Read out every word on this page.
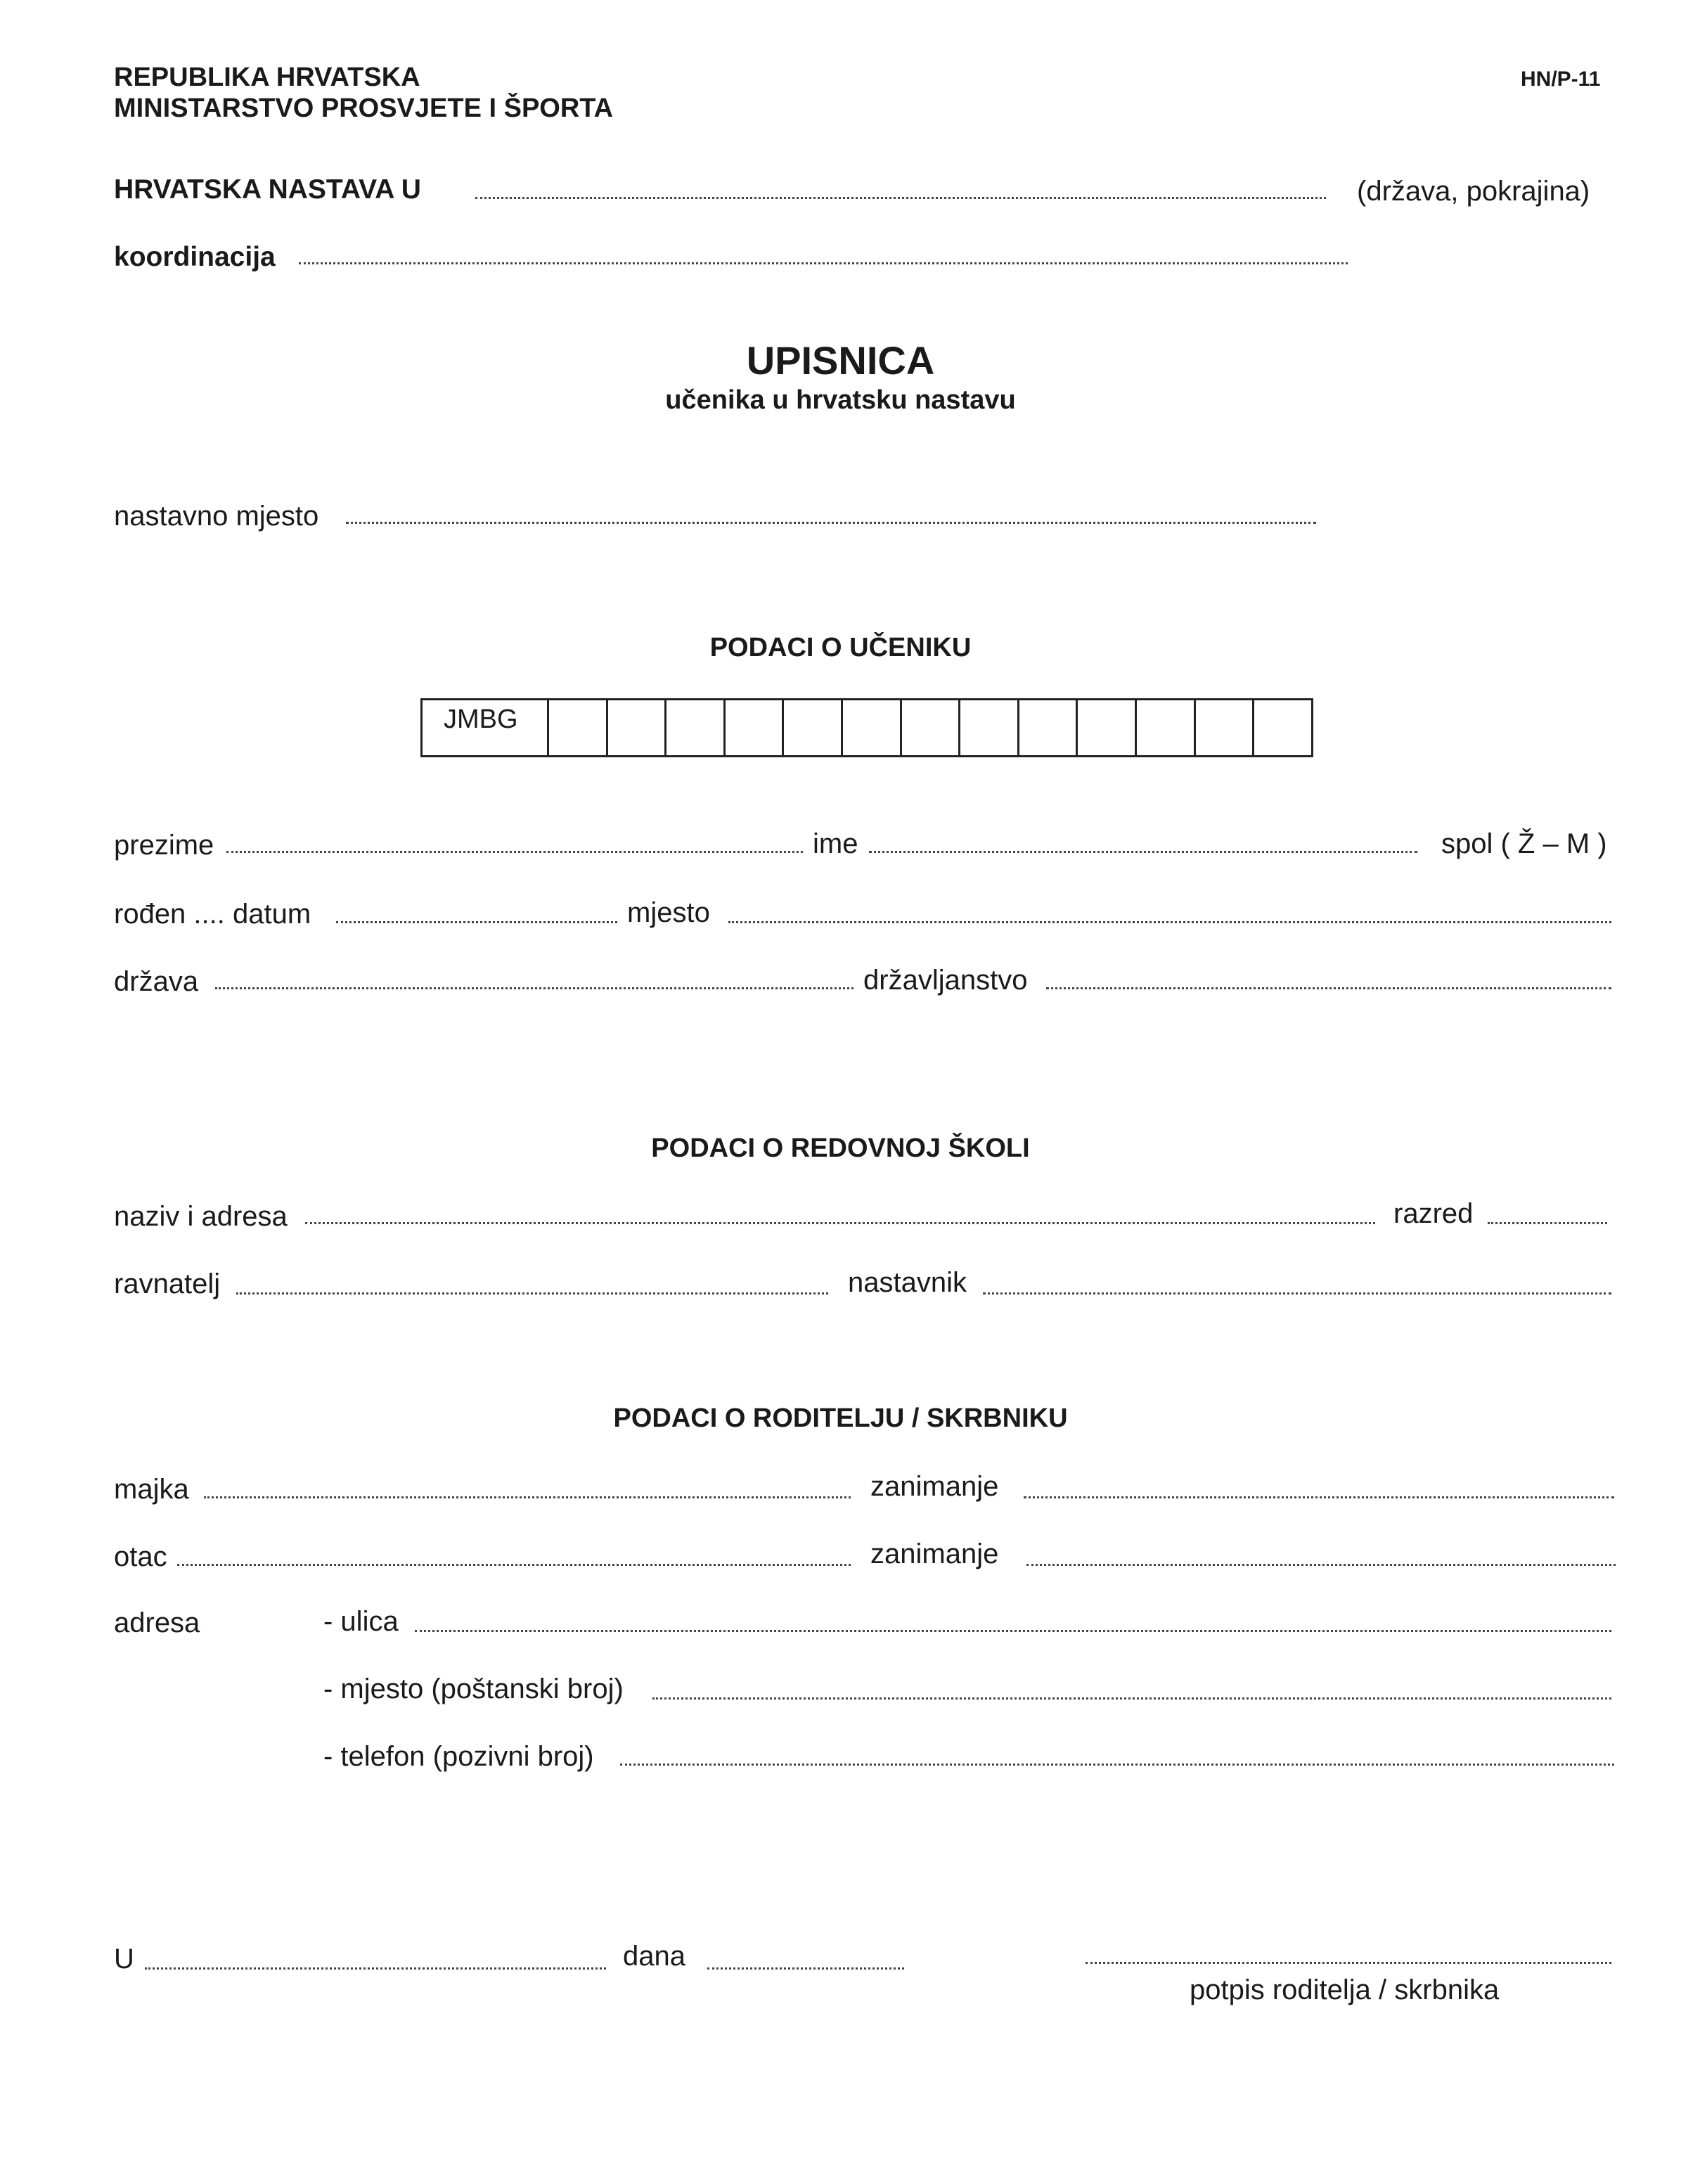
REPUBLIKA HRVATSKA
MINISTARSTVO PROSVJETE I ŠPORTA
HN/P-11
HRVATSKA NASTAVA U	(država, pokrajina)
koordinacija
UPISNICA
učenika u hrvatsku nastavu
nastavno mjesto
PODACI O UČENIKU
JMBG
prezime	ime	spol ( Ž – M )
rođen .... datum	mjesto
država	državljanstvo
PODACI O REDOVNOJ ŠKOLI
naziv i adresa	razred
ravnatelj	nastavnik
PODACI O RODITELJU / SKRBNIKU
majka	zanimanje
otac	zanimanje
adresa	- ulica
- mjesto (poštanski broj)
- telefon (pozivni broj)
U	dana
potpis roditelja / skrbnika
